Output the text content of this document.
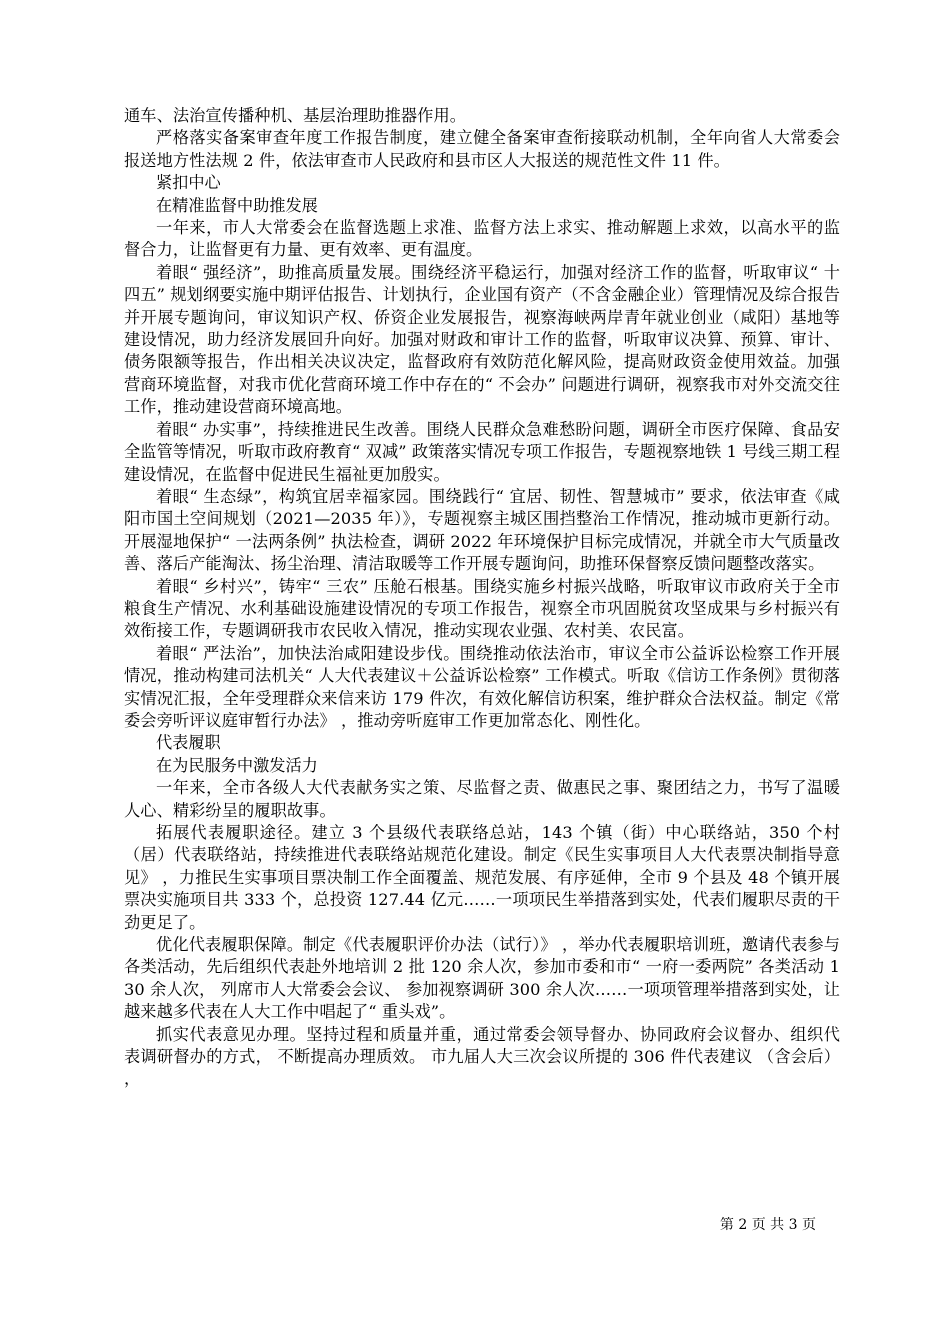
通车、法治宣传播种机、基层治理助推器作用。

严格落实备案审查年度工作报告制度，建立健全备案审查衔接联动机制，全年向省人大常委会报送地方性法规 2 件，依法审查市人民政府和县市区人大报送的规范性文件 11 件。

紧扣中心

在精准监督中助推发展

一年来，市人大常委会在监督选题上求准、监督方法上求实、推动解题上求效，以高水平的监督合力，让监督更有力量、更有效率、更有温度。

着眼“ 强经济”，助推高质量发展。围绕经济平稳运行，加强对经济工作的监督，听取审议“ 十四五” 规划纲要实施中期评估报告、计划执行，企业国有资产（不含金融企业）管理情况及综合报告并开展专题询问，审议知识产权、侨资企业发展报告，视察海峡两岸青年就业创业（咸阳）基地等建设情况，助力经济发展回升向好。加强对财政和审计工作的监督，听取审议决算、预算、审计、债务限额等报告，作出相关决议决定，监督政府有效防范化解风险，提高财政资金使用效益。加强营商环境监督，对我市优化营商环境工作中存在的“ 不会办” 问题进行调研，视察我市对外交流交往工作，推动建设营商环境高地。

着眼“ 办实事”，持续推进民生改善。围绕人民群众急难愁盼问题，调研全市医疗保障、食品安全监管等情况，听取市政府教育“ 双减” 政策落实情况专项工作报告，专题视察地铁 1 号线三期工程建设情况，在监督中促进民生福祉更加殷实。

着眼“ 生态绿”，构筑宜居幸福家园。围绕践行“ 宜居、韧性、智慧城市” 要求，依法审查《咸阳市国土空间规划（2021—2035 年）》，专题视察主城区围挡整治工作情况，推动城市更新行动。开展湿地保护“ 一法两条例” 执法检查，调研 2022 年环境保护目标完成情况，并就全市大气质量改善、落后产能淘汰、扬尘治理、清洁取暖等工作开展专题询问，助推环保督察反馈问题整改落实。

着眼“ 乡村兴”，铸牢“ 三农” 压舱石根基。围绕实施乡村振兴战略，听取审议市政府关于全市粮食生产情况、水利基础设施建设情况的专项工作报告，视察全市巩固脱贫攻坚成果与乡村振兴有效衔接工作，专题调研我市农民收入情况，推动实现农业强、农村美、农民富。

着眼“ 严法治”，加快法治咸阳建设步伐。围绕推动依法治市，审议全市公益诉讼检察工作开展情况，推动构建司法机关“ 人大代表建议＋公益诉讼检察” 工作模式。听取《信访工作条例》贯彻落实情况汇报，全年受理群众来信来访 179 件次，有效化解信访积案，维护群众合法权益。制定《常委会旁听评议庭审暂行办法》 ，推动旁听庭审工作更加常态化、刚性化。

代表履职

在为民服务中激发活力

一年来，全市各级人大代表献务实之策、尽监督之责、做惠民之事、聚团结之力，书写了温暖人心、精彩纷呈的履职故事。

拓展代表履职途径。建立 3 个县级代表联络总站，143 个镇（街）中心联络站，350 个村（居）代表联络站，持续推进代表联络站规范化建设。制定《民生实事项目人大代表票决制指导意见》 ，力推民生实事项目票决制工作全面覆盖、规范发展、有序延伸，全市 9 个县及 48 个镇开展票决实施项目共 333 个，总投资 127.44 亿元……一项项民生举措落到实处，代表们履职尽责的干劲更足了。

优化代表履职保障。制定《代表履职评价办法（试行）》 ，举办代表履职培训班，邀请代表参与各类活动，先后组织代表赴外地培训 2 批 120 余人次，参加市委和市“ 一府一委两院” 各类活动 130 余人次， 列席市人大常委会会议、 参加视察调研 300 余人次……一项项管理举措落到实处，让越来越多代表在人大工作中唱起了“ 重头戏”。

抓实代表意见办理。坚持过程和质量并重，通过常委会领导督办、协同政府会议督办、组织代表调研督办的方式， 不断提高办理质效。 市九届人大三次会议所提的 306 件代表建议 （含会后） ，

第 2 页 共 3 页
